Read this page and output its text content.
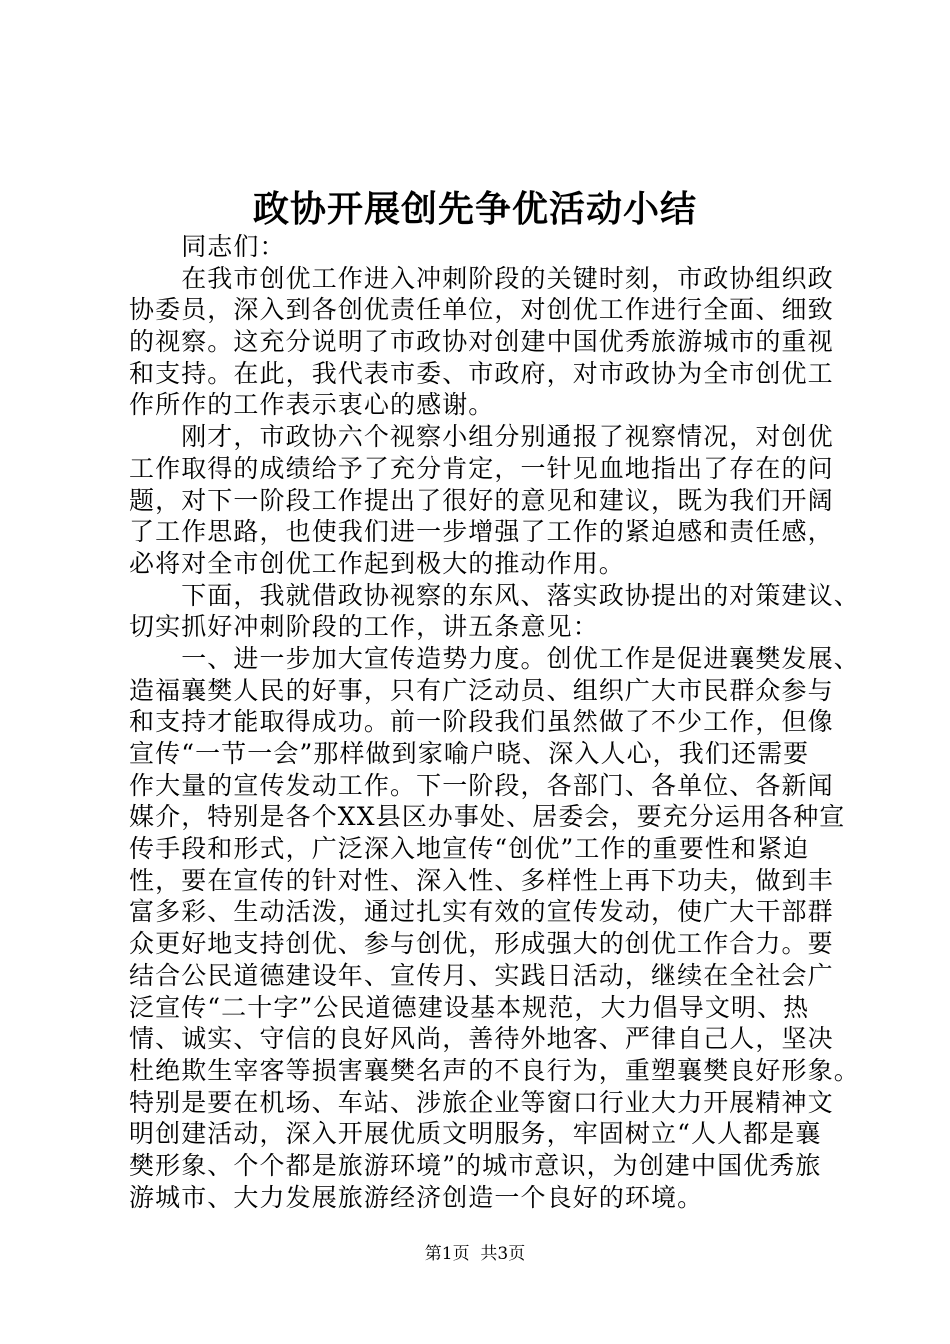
政协开展创先争优活动小结
　　同志们：
　　在我市创优工作进入冲刺阶段的关键时刻，市政协组织政
协委员，深入到各创优责任单位，对创优工作进行全面、细致
的视察。这充分说明了市政协对创建中国优秀旅游城市的重视
和支持。在此，我代表市委、市政府，对市政协为全市创优工
作所作的工作表示衷心的感谢。
　　刚才，市政协六个视察小组分别通报了视察情况，对创优
工作取得的成绩给予了充分肯定，一针见血地指出了存在的问
题，对下一阶段工作提出了很好的意见和建议，既为我们开阔
了工作思路，也使我们进一步增强了工作的紧迫感和责任感，
必将对全市创优工作起到极大的推动作用。
　　下面，我就借政协视察的东风、落实政协提出的对策建议、
切实抓好冲刺阶段的工作，讲五条意见：
　　一、进一步加大宣传造势力度。创优工作是促进襄樊发展、
造福襄樊人民的好事，只有广泛动员、组织广大市民群众参与
和支持才能取得成功。前一阶段我们虽然做了不少工作，但像
宣传“一节一会”那样做到家喻户晓、深入人心，我们还需要
作大量的宣传发动工作。下一阶段，各部门、各单位、各新闻
媒介，特别是各个XX县区办事处、居委会，要充分运用各种宣
传手段和形式，广泛深入地宣传“创优”工作的重要性和紧迫
性，要在宣传的针对性、深入性、多样性上再下功夫，做到丰
富多彩、生动活泼，通过扎实有效的宣传发动，使广大干部群
众更好地支持创优、参与创优，形成强大的创优工作合力。要
结合公民道德建设年、宣传月、实践日活动，继续在全社会广
泛宣传“二十字”公民道德建设基本规范，大力倡导文明、热
情、诚实、守信的良好风尚，善待外地客、严律自己人，坚决
杜绝欺生宰客等损害襄樊名声的不良行为，重塑襄樊良好形象。
特别是要在机场、车站、涉旅企业等窗口行业大力开展精神文
明创建活动，深入开展优质文明服务，牢固树立“人人都是襄
樊形象、个个都是旅游环境”的城市意识，为创建中国优秀旅
游城市、大力发展旅游经济创造一个良好的环境。
第1页  共3页
